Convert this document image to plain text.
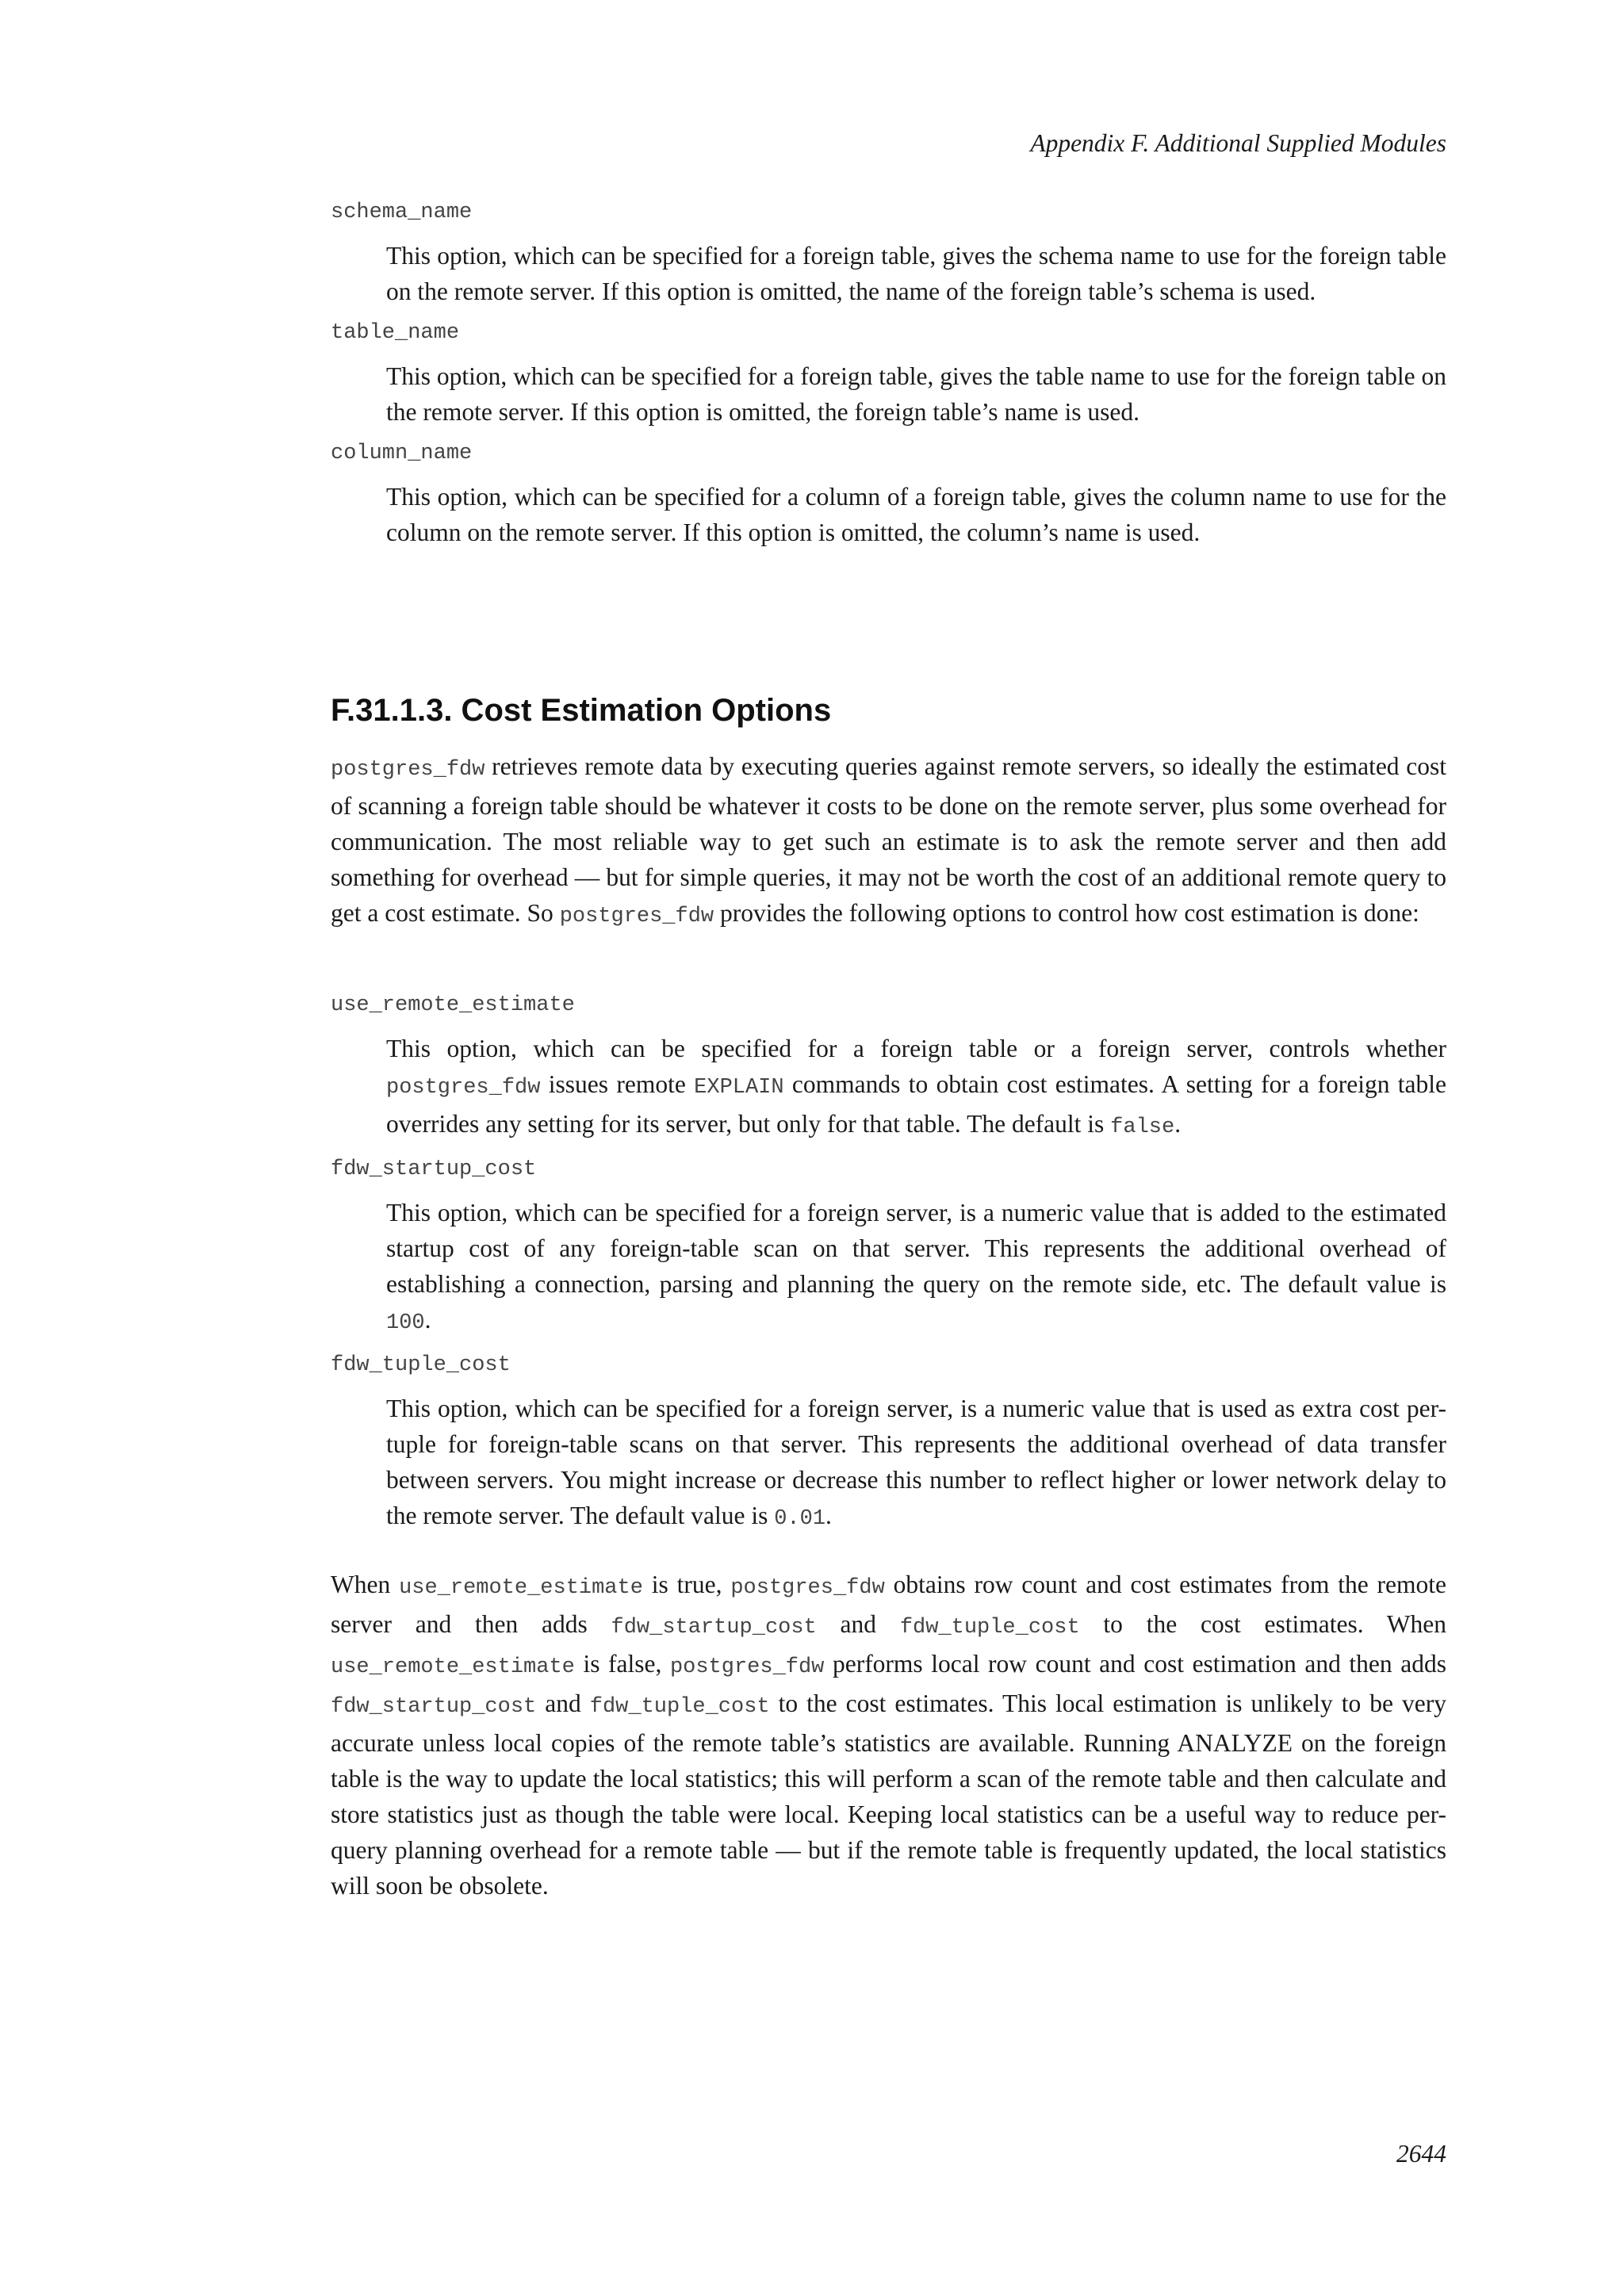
Appendix F. Additional Supplied Modules
schema_name
This option, which can be specified for a foreign table, gives the schema name to use for the foreign table on the remote server. If this option is omitted, the name of the foreign table’s schema is used.
table_name
This option, which can be specified for a foreign table, gives the table name to use for the foreign table on the remote server. If this option is omitted, the foreign table’s name is used.
column_name
This option, which can be specified for a column of a foreign table, gives the column name to use for the column on the remote server. If this option is omitted, the column’s name is used.
F.31.1.3. Cost Estimation Options

postgres_fdw retrieves remote data by executing queries against remote servers, so ideally the estimated cost of scanning a foreign table should be whatever it costs to be done on the remote server, plus some overhead for communication. The most reliable way to get such an estimate is to ask the remote server and then add something for overhead — but for simple queries, it may not be worth the cost of an additional remote query to get a cost estimate. So postgres_fdw provides the following options to control how cost estimation is done:

use_remote_estimate
This option, which can be specified for a foreign table or a foreign server, controls whether postgres_fdw issues remote EXPLAIN commands to obtain cost estimates. A setting for a foreign table overrides any setting for its server, but only for that table. The default is false.
fdw_startup_cost
This option, which can be specified for a foreign server, is a numeric value that is added to the estimated startup cost of any foreign-table scan on that server. This represents the additional overhead of establishing a connection, parsing and planning the query on the remote side, etc. The default value is 100.
fdw_tuple_cost
This option, which can be specified for a foreign server, is a numeric value that is used as extra cost per-tuple for foreign-table scans on that server. This represents the additional overhead of data transfer between servers. You might increase or decrease this number to reflect higher or lower network delay to the remote server. The default value is 0.01.

When use_remote_estimate is true, postgres_fdw obtains row count and cost estimates from the remote server and then adds fdw_startup_cost and fdw_tuple_cost to the cost estimates. When use_remote_estimate is false, postgres_fdw performs local row count and cost estimation and then adds fdw_startup_cost and fdw_tuple_cost to the cost estimates. This local estimation is unlikely to be very accurate unless local copies of the remote table’s statistics are available. Running ANALYZE on the foreign table is the way to update the local statistics; this will perform a scan of the remote table and then calculate and store statistics just as though the table were local. Keeping local statistics can be a useful way to reduce per-query planning overhead for a remote table — but if the remote table is frequently updated, the local statistics will soon be obsolete.

2644
